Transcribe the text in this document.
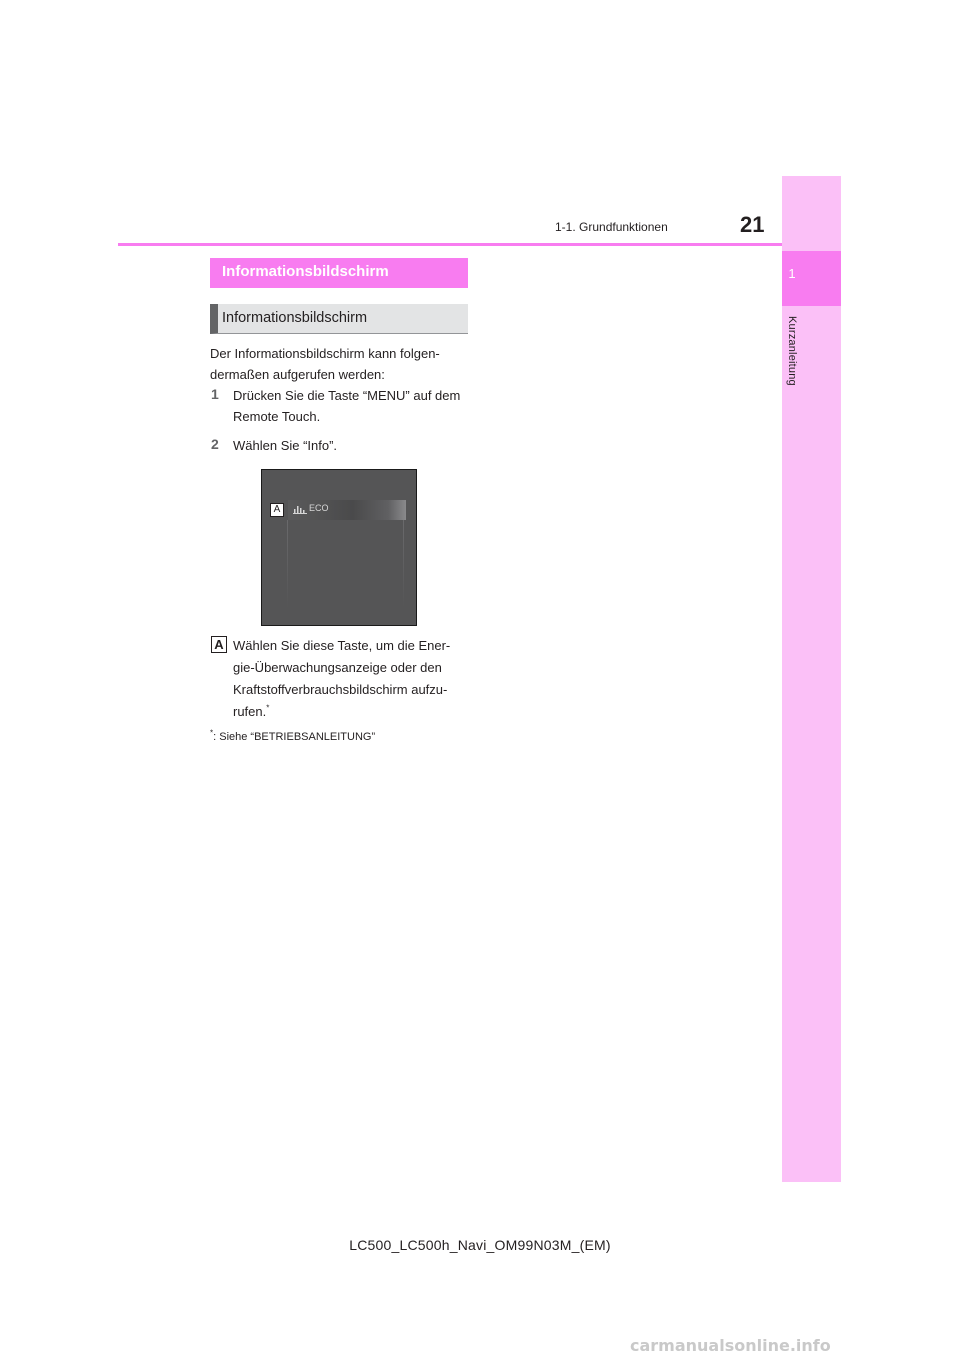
1
Kurzanleitung
1-1. Grundfunktionen	21
Informationsbildschirm
Informationsbildschirm
Der Informationsbildschirm kann folgen-dermaßen aufgerufen werden:
1 Drücken Sie die Taste “MENU” auf dem Remote Touch.
2 Wählen Sie “Info”.
A	ECO
A Wählen Sie diese Taste, um die Ener-gie-Überwachungsanzeige oder den Kraftstoffverbrauchsbildschirm aufzu-rufen.*
*: Siehe “BETRIEBSANLEITUNG”
LC500_LC500h_Navi_OM99N03M_(EM)
carmanualsonline.info
